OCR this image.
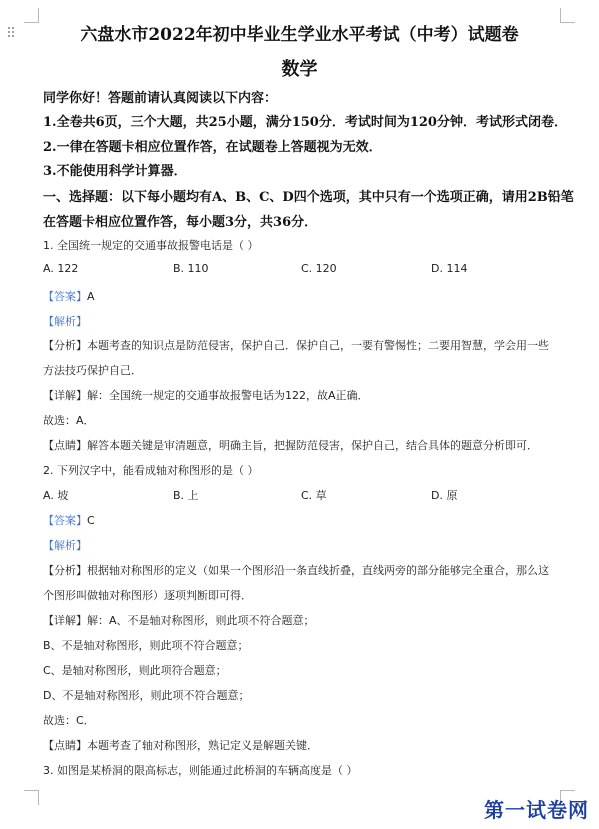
六盘水市2022年初中毕业生学业水平考试（中考）试题卷
数学
同学你好！答题前请认真阅读以下内容：
1.全卷共6页，三个大题，共25小题，满分150分．考试时间为120分钟．考试形式闭卷．
2.一律在答题卡相应位置作答，在试题卷上答题视为无效．
3.不能使用科学计算器．
一、选择题：以下每小题均有A、B、C、D四个选项，其中只有一个选项正确，请用2B铅笔
在答题卡相应位置作答，每小题3分，共36分．
1. 全国统一规定的交通事故报警电话是（ ）
A. 122	B. 110	C. 120	D. 114
【答案】A
【解析】
【分析】本题考查的知识点是防范侵害，保护自己．保护自己，一要有警惕性；二要用智慧，学会用一些
方法技巧保护自己．
【详解】解：全国统一规定的交通事故报警电话为122，故A正确．
故选：A．
【点睛】解答本题关键是审清题意，明确主旨，把握防范侵害，保护自己，结合具体的题意分析即可．
2. 下列汉字中，能看成轴对称图形的是（ ）
A. 坡	B. 上	C. 草	D. 原
【答案】C
【解析】
【分析】根据轴对称图形的定义（如果一个图形沿一条直线折叠，直线两旁的部分能够完全重合，那么这
个图形叫做轴对称图形）逐项判断即可得．
【详解】解：A、不是轴对称图形，则此项不符合题意；
B、不是轴对称图形，则此项不符合题意；
C、是轴对称图形，则此项符合题意；
D、不是轴对称图形，则此项不符合题意；
故选：C．
【点睛】本题考查了轴对称图形，熟记定义是解题关键．
3. 如图是某桥洞的限高标志，则能通过此桥洞的车辆高度是（ ）
第一试卷网
